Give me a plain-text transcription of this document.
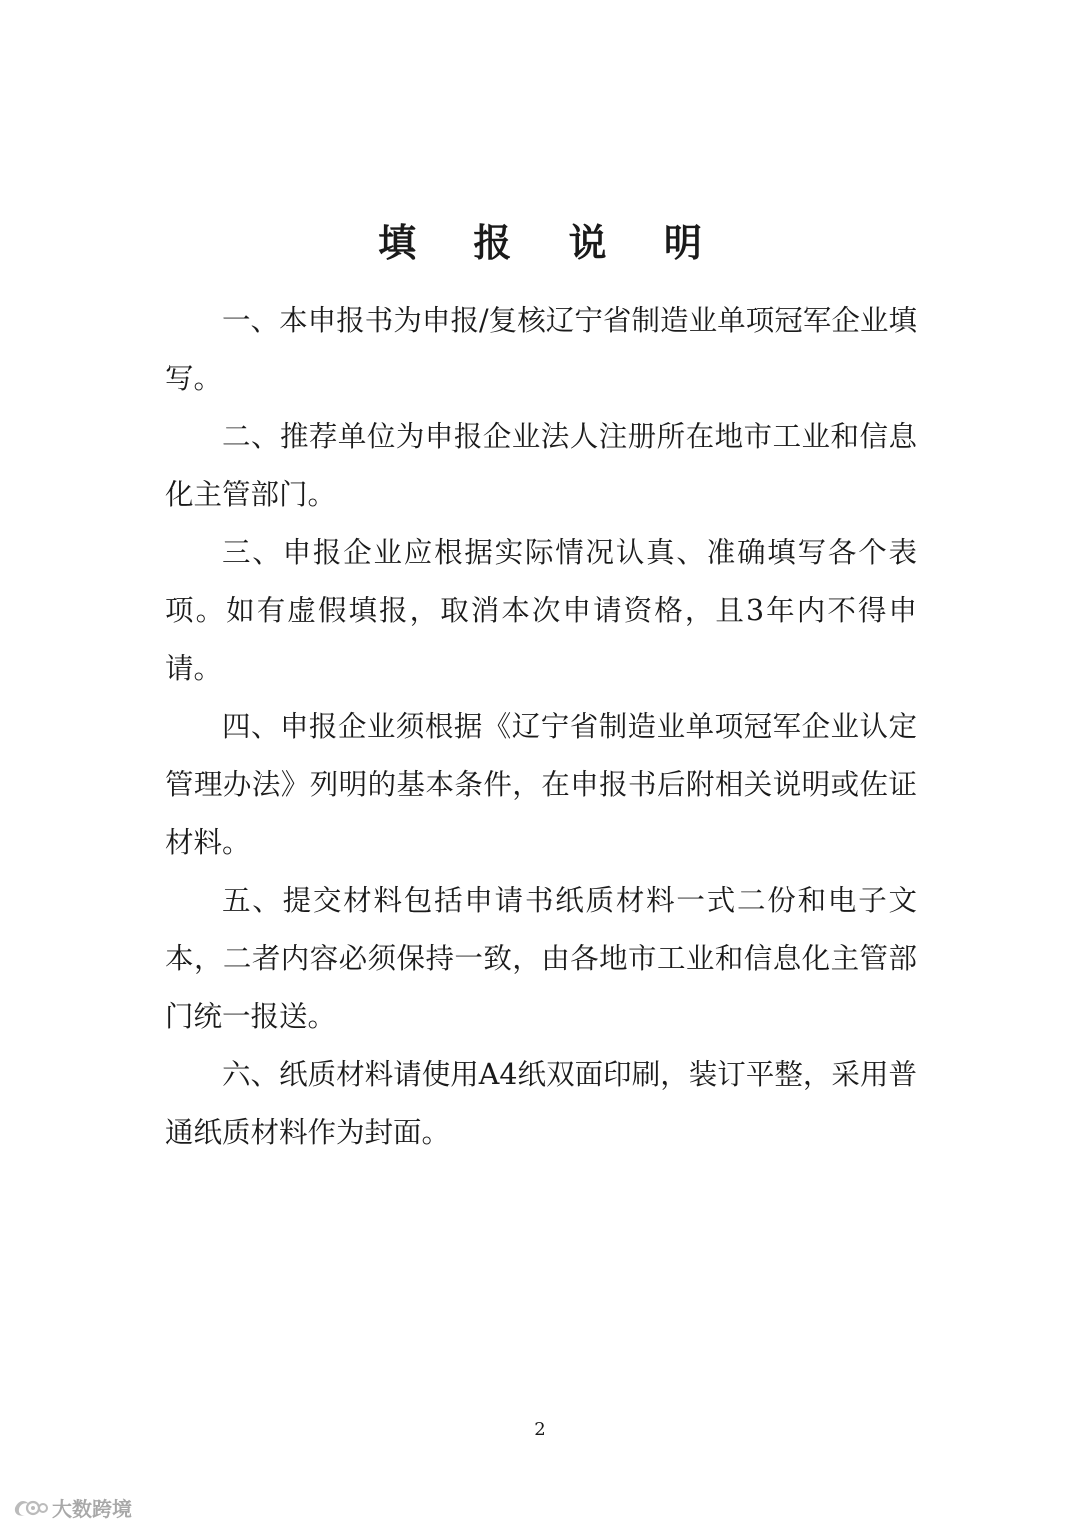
填 报 说 明

一、本申报书为申报/复核辽宁省制造业单项冠军企业填写。

二、推荐单位为申报企业法人注册所在地市工业和信息化主管部门。

三、申报企业应根据实际情况认真、准确填写各个表项。如有虚假填报，取消本次申请资格，且3年内不得申请。

四、申报企业须根据《辽宁省制造业单项冠军企业认定管理办法》列明的基本条件，在申报书后附相关说明或佐证材料。

五、提交材料包括申请书纸质材料一式二份和电子文本，二者内容必须保持一致，由各地市工业和信息化主管部门统一报送。

六、纸质材料请使用A4纸双面印刷，装订平整，采用普通纸质材料作为封面。

2
大数跨境
